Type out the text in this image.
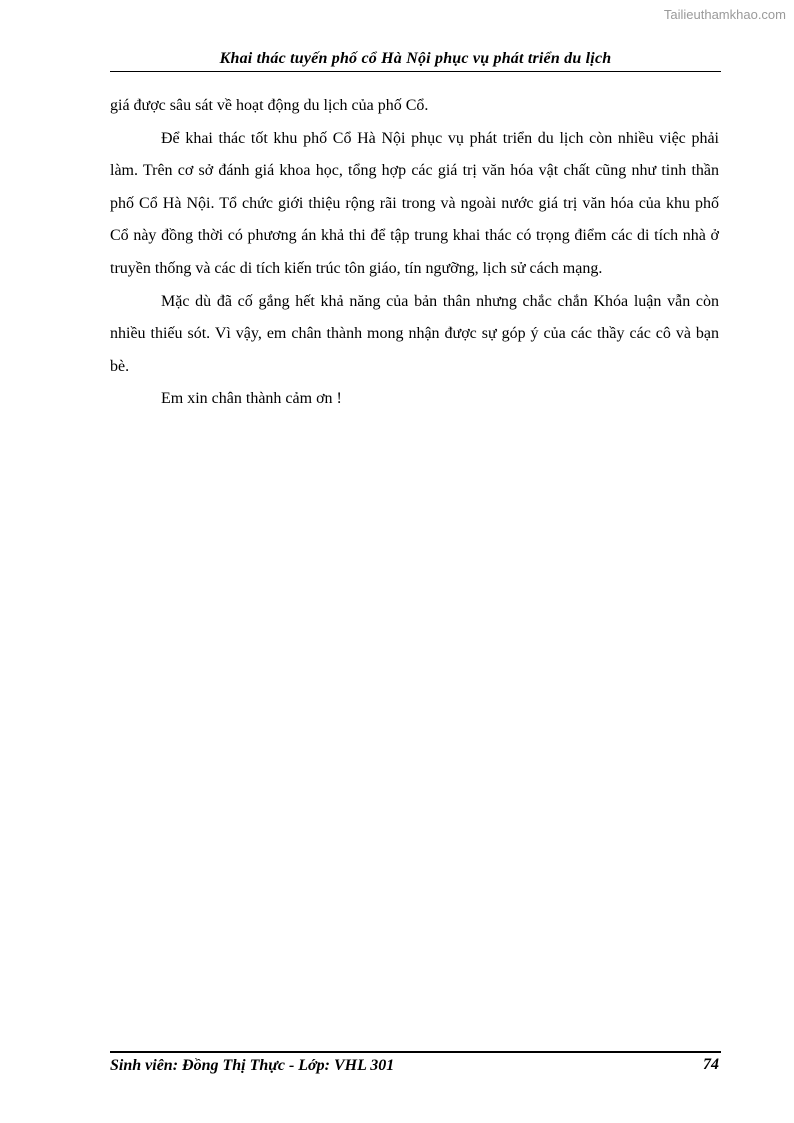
Tailieuthamkhao.com
Khai thác tuyến phố cổ Hà Nội phục vụ phát triển du lịch

giá được sâu sát về hoạt động du lịch của phố Cổ.

Để khai thác tốt khu phố Cổ Hà Nội phục vụ phát triển du lịch còn nhiều việc phải làm. Trên cơ sở đánh giá khoa học, tổng hợp các giá trị văn hóa vật chất cũng như tinh thần phố Cổ Hà Nội. Tổ chức giới thiệu rộng rãi trong và ngoài nước giá trị văn hóa của khu phố Cổ này đồng thời có phương án khả thi để tập trung khai thác có trọng điểm các di tích nhà ở truyền thống và các di tích kiến trúc tôn giáo, tín ngưỡng, lịch sử cách mạng.

Mặc dù đã cố gắng hết khả năng của bản thân nhưng chắc chắn Khóa luận vẫn còn nhiều thiếu sót. Vì vậy, em chân thành mong nhận được sự góp ý của các thầy các cô và bạn bè.

Em xin chân thành cảm ơn !

Sinh viên: Đồng Thị Thực - Lớp: VHL 301	74
